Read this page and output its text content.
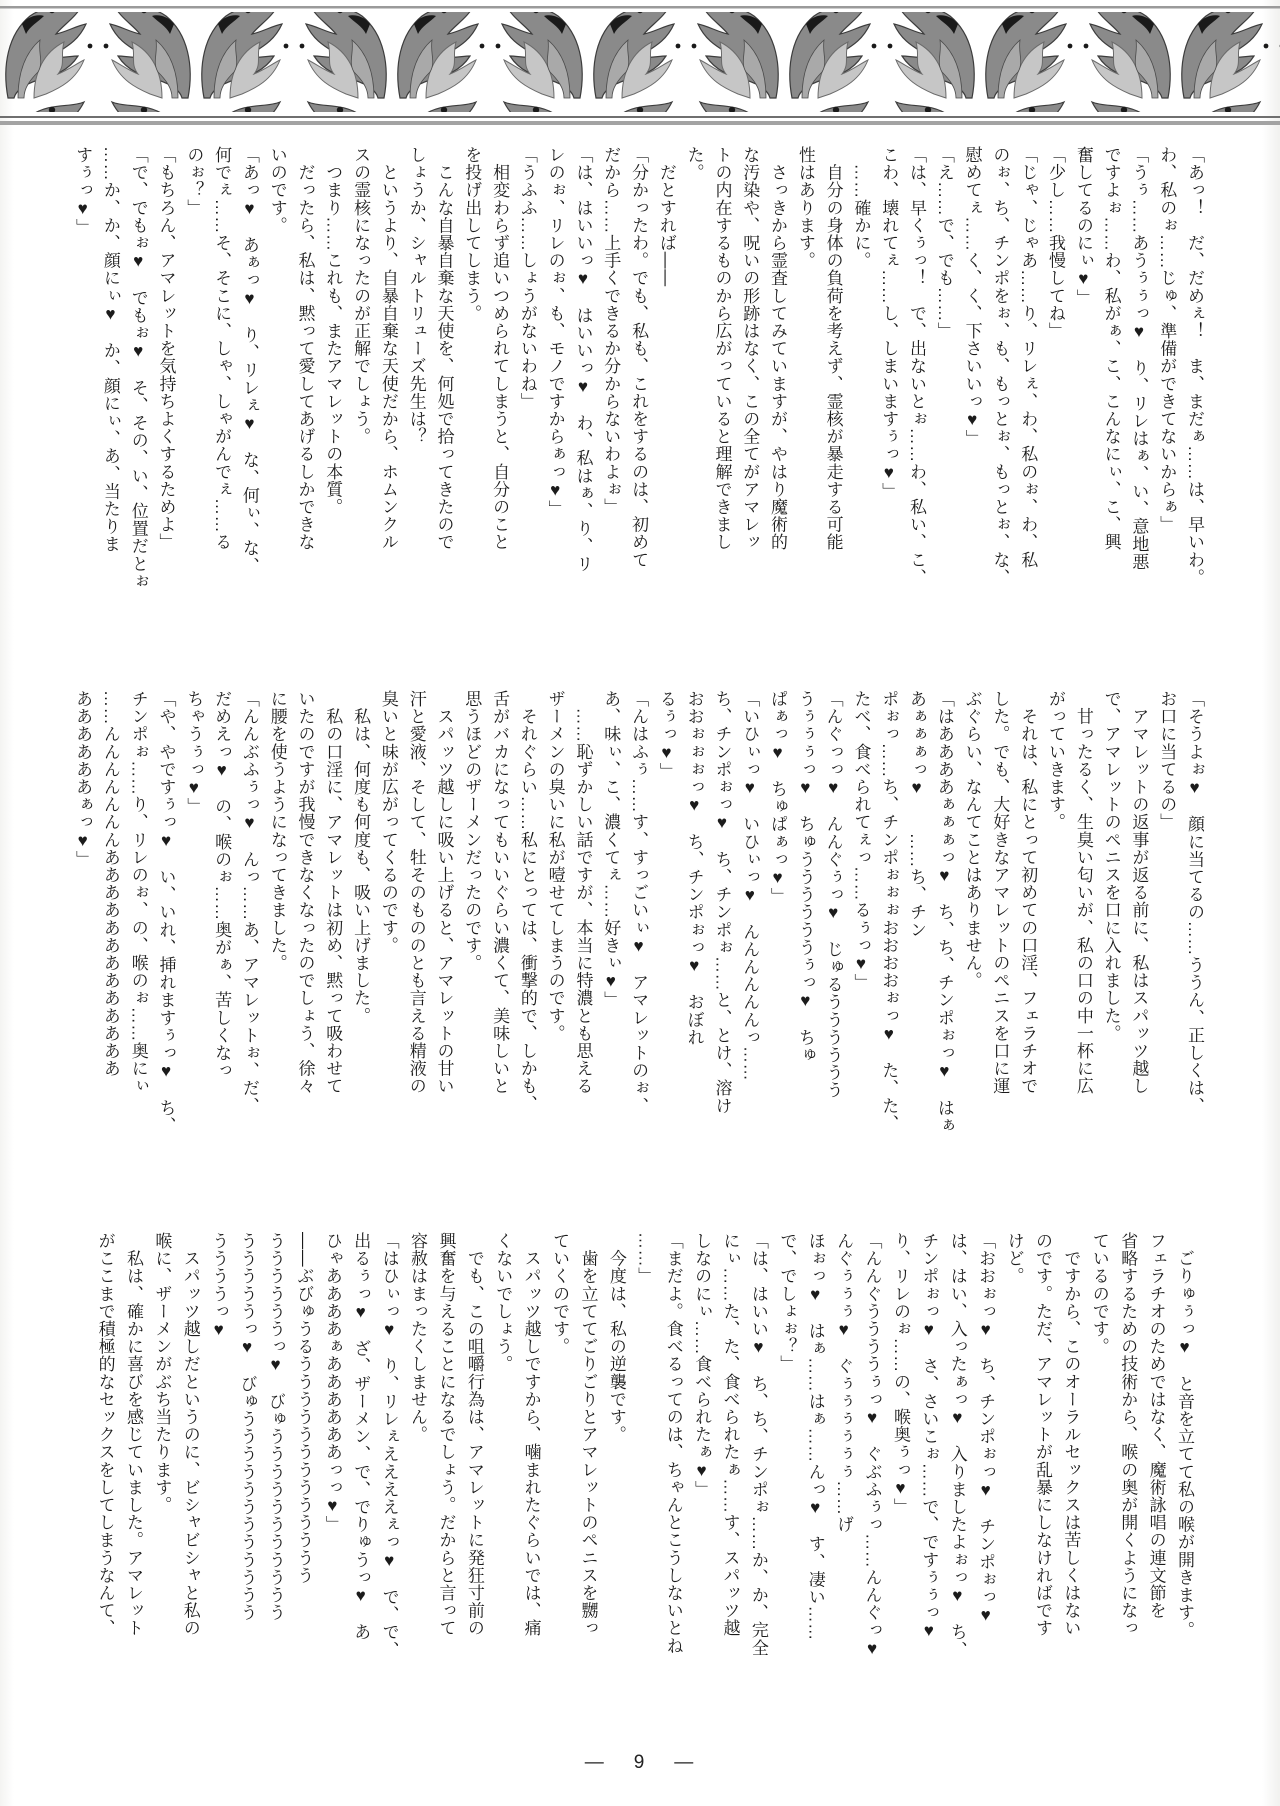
「あっ！　だ、だめぇ！　ま、まだぁ……は、早いわ。
わ、私のぉ……じゅ、準備ができてないからぁ」
「うぅ……あうぅぅっ♥　り、リレはぁ、い、意地悪
ですよぉ……わ、私がぁ、こ、こんなにぃ、こ、興
奮してるのにぃ♥」
「少し……我慢してね」
「じゃ、じゃあ……り、リレぇ、わ、私のぉ、わ、私
のぉ、ち、チンポをぉ、も、もっとぉ、もっとぉ、な、
慰めてぇ……く、く、下さいいっ♥」
「え……で、でも……」
「は、早くぅっ！　で、出ないとぉ……わ、私い、こ、
こわ、壊れてぇ……し、しまいますぅっ♥」
　……確かに。
　自分の身体の負荷を考えず、霊核が暴走する可能
性はあります。
　さっきから霊査してみていますが、やはり魔術的
な汚染や、呪いの形跡はなく、この全てがアマレッ
トの内在するものから広がっていると理解できまし
た。
　だとすれば――
「分かったわ。でも、私も、これをするのは、初めて
だから……上手くできるか分からないわよぉ」
「は、はいいっ♥　はいいっ♥　わ、私はぁ、り、リ
レのぉ、リレのぉ、も、モノですからぁっ♥」
「うふふ……しょうがないわね」
　相変わらず追いつめられてしまうと、自分のこと
を投げ出してしまう。
　こんな自暴自棄な天使を、何処で拾ってきたので
しょうか、シャルトリューズ先生は？
　というより、自暴自棄な天使だから、ホムンクル
スの霊核になったのが正解でしょう。
　つまり……これも、またアマレットの本質。
　だったら、私は、黙って愛してあげるしかできな
いのです。
「あっ♥　あぁっ♥　り、リレぇ♥　な、何ぃ、な、
何でぇ……そ、そこに、しゃ、しゃがんでぇ……る
のぉ？」
「もちろん、アマレットを気持ちよくするためよ」
「で、でもぉ♥　でもぉ♥　そ、その、い、位置だとぉ
……か、か、顔にぃ♥　か、顔にぃ、あ、当たりま
すぅっ♥」
「そうよぉ♥　顔に当てるの……ううん、正しくは、
お口に当てるの」
　アマレットの返事が返る前に、私はスパッツ越し
で、アマレットのペニスを口に入れました。
　甘ったるく、生臭い匂いが、私の口の中一杯に広
がっていきます。
　それは、私にとって初めての口淫、フェラチオで
した。でも、大好きなアマレットのペニスを口に運
ぶぐらい、なんてことはありません。
「はああああぁぁぁっ♥　ち、ち、チンポぉっ♥　はぁ
あぁぁぁっ♥　　……ち、チン
ポぉっ……ち、チンポぉぉぉおおおおぉっ♥　た、た、
たべ、食べられてぇっ……るぅっ♥」
「んぐっっ♥　んんぐぅっ♥　じゅるうううううう
うぅぅぅっ♥　ちゅううううううぅっ♥　ちゅ
ぱぁっ♥　ちゅぱぁっ♥」
「いひぃっ♥　いひぃっ♥　んんんんんんっ……
ち、チンポぉっ♥　ち、チンポぉ……と、とけ、溶け
おおぉぉぉっ♥　ち、チンポぉっ♥　おぼれ
るぅっ♥」
「んはふぅ……す、すっごいぃ♥　アマレットのぉ、
あ、味ぃ、こ、濃くてぇ……好きぃ♥」
　……恥ずかしい話ですが、本当に特濃とも思える
ザーメンの臭いに私が噎せてしまうのです。
　それぐらい……私にとっては、衝撃的で、しかも、
舌がバカになってもいいぐらい濃くて、美味しいと
思うほどのザーメンだったのです。
　スパッツ越しに吸い上げると、アマレットの甘い
汗と愛液、そして、牡そのもののとも言える精液の
臭いと味が広がってくるのです。
　私は、何度も何度も、吸い上げました。
　私の口淫に、アマレットは初め、黙って吸わせて
いたのですが我慢できなくなったのでしょう、徐々
に腰を使うようになってきました。
「んんぶふぅっ♥　んっ……あ、アマレットぉ、だ、
だめえっ♥　の、喉のぉ……奥がぁ、苦しくなっ
ちゃうぅっ♥」
「や、やですぅっ♥　い、いれ、挿れますぅっ♥　ち、
チンポぉ……り、リレのぉ、の、喉のぉ……奥にぃ
……んんんんんんんあああああああああああああ
ああああああぁっ♥」
　ごりゅぅっ♥　と音を立てて私の喉が開きます。
フェラチオのためではなく、魔術詠唱の連文節を
省略するための技術から、喉の奥が開くようになっ
ているのです。
　ですから、このオーラルセックスは苦しくはない
のです。ただ、アマレットが乱暴にしなければです
けど。
「おおぉっ♥　ち、チンポぉっ♥　チンポぉっ♥
は、はい、入ったぁっ♥　入りましたよぉっ♥　ち、
チンポぉっ♥　さ、さいこぉ……で、ですぅぅっ♥
り、リレのぉ……の、喉奥ぅっ♥」
「んんぐううううぅっ♥　ぐぶふぅっ……んんぐっ♥
んぐぅぅぅ♥　ぐぅぅぅぅぅぅ……げ
ほぉっ♥　はぁ……はぁ……んっ♥　す、凄い……
で、でしょぉ？」
「は、はいい♥　ち、ち、チンポぉ……か、か、完全
にぃ……た、た、食べられたぁ……す、スパッツ越
しなのにぃ……食べられたぁ♥」
「まだよ。食べるってのは、ちゃんとこうしないとね
……」
　今度は、私の逆襲です。
　歯を立ててごりごりとアマレットのペニスを嬲っ
ていくのです。
　スパッツ越しですから、噛まれたぐらいでは、痛
くないでしょう。
　でも、この咀嚼行為は、アマレットに発狂寸前の
興奮を与えることになるでしょう。だからと言って
容赦はまったくしません。
「はひぃっ♥　り、リレぇええええぇっ♥　で、で、
出るぅっ♥　ざ、ザーメン、で、でりゅうっ♥　あ
ひゃああああぁああああああっっ♥」
――ぶびゅうるううううううううううううう
ううううううっ♥　びゅううううううううううう
うううううっ♥　びゅうううううううううううう
ううううっ♥
　スパッツ越しだというのに、ビシャビシャと私の
喉に、ザーメンがぶち当たります。
　私は、確かに喜びを感じていました。アマレット
がここまで積極的なセックスをしてしまうなんて、
― 9 ―
